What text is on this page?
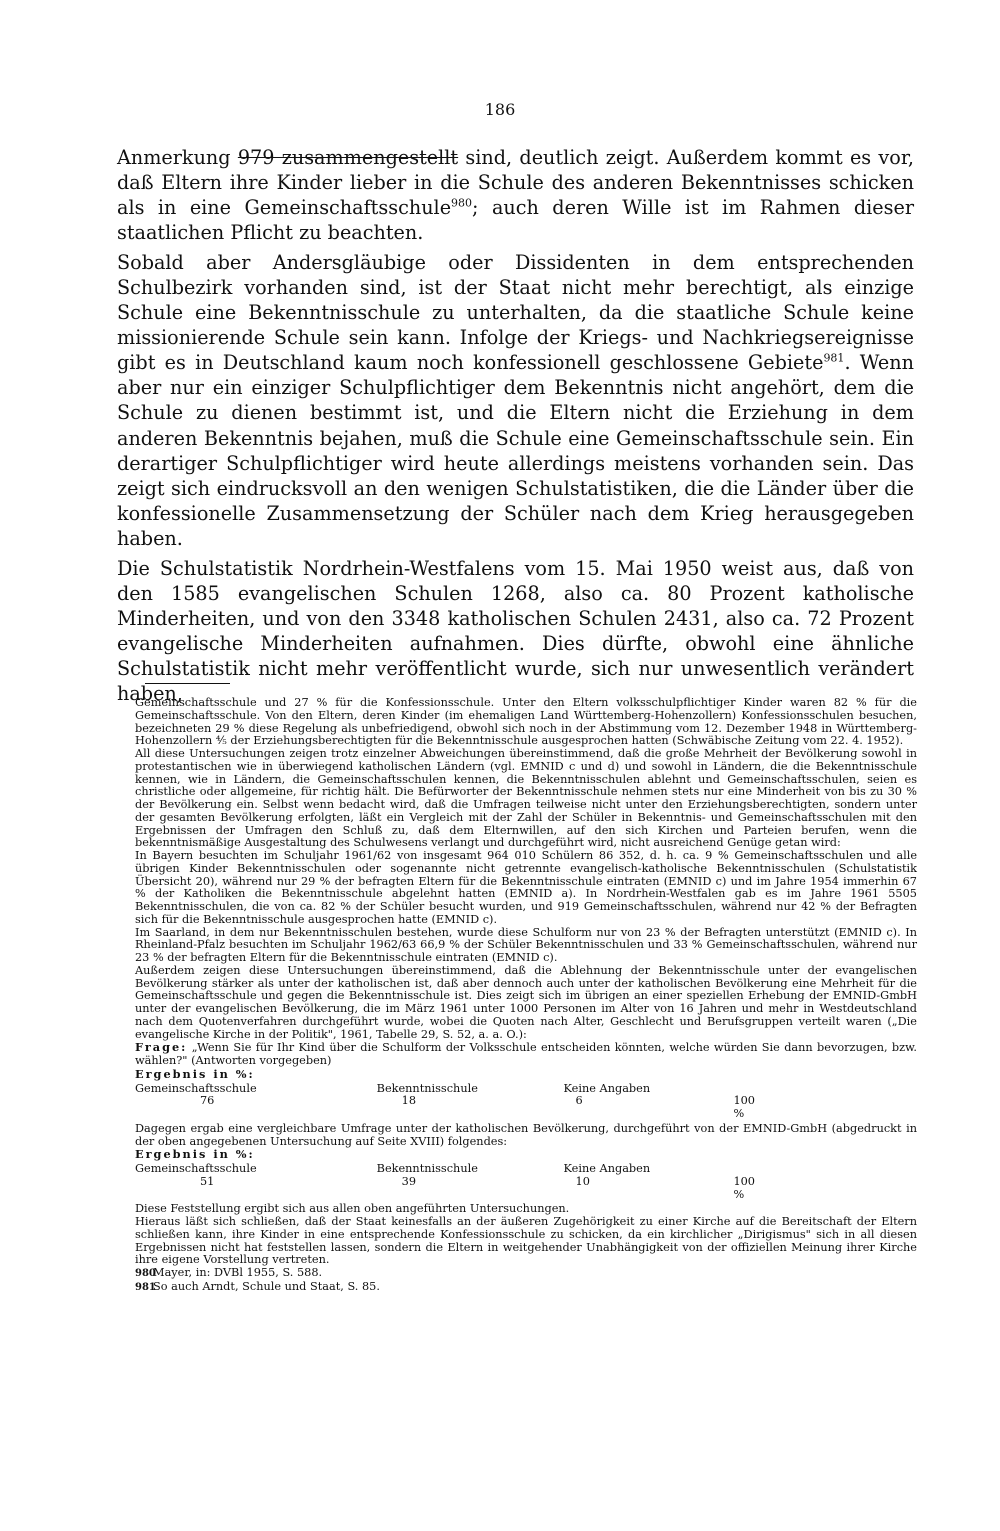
186

Anmerkung 979 zusammengestellt sind, deutlich zeigt. Außerdem kommt es vor, daß Eltern ihre Kinder lieber in die Schule des anderen Bekenntnisses schicken als in eine Gemeinschaftsschule$^{980}$; auch deren Wille ist im Rahmen dieser staatlichen Pflicht zu beachten.

Sobald aber Andersgläubige oder Dissidenten in dem entsprechenden Schulbezirk vorhanden sind, ist der Staat nicht mehr berechtigt, als einzige Schule eine Bekenntnisschule zu unterhalten, da die staatliche Schule keine missionierende Schule sein kann. Infolge der Kriegs- und Nachkriegsereignisse gibt es in Deutschland kaum noch konfessionell geschlossene Gebiete$^{981}$. Wenn aber nur ein einziger Schulpflichtiger dem Bekenntnis nicht angehört, dem die Schule zu dienen bestimmt ist, und die Eltern nicht die Erziehung in dem anderen Bekenntnis bejahen, muß die Schule eine Gemeinschaftsschule sein. Ein derartiger Schulpflichtiger wird heute allerdings meistens vorhanden sein. Das zeigt sich eindrucksvoll an den wenigen Schulstatistiken, die die Länder über die konfessionelle Zusammensetzung der Schüler nach dem Krieg herausgegeben haben.

Die Schulstatistik Nordrhein-Westfalens vom 15. Mai 1950 weist aus, daß von den 1585 evangelischen Schulen 1268, also ca. 80 Prozent katholische Minderheiten, und von den 3348 katholischen Schulen 2431, also ca. 72 Prozent evangelische Minderheiten aufnahmen. Dies dürfte, obwohl eine ähnliche Schulstatistik nicht mehr veröffentlicht wurde, sich nur unwesentlich verändert haben,

Gemeinschaftsschule und 27 % für die Konfessionsschule. Unter den Eltern volksschulpflichtiger Kinder waren 82 % für die Gemeinschaftsschule. Von den Eltern, deren Kinder (im ehemaligen Land Württemberg-Hohenzollern) Konfessionsschulen besuchen, bezeichneten 29 % diese Regelung als unbefriedigend, obwohl sich noch in der Abstimmung vom 12. Dezember 1948 in Württemberg-Hohenzollern ⅘ der Erziehungsberechtigten für die Bekenntnisschule ausgesprochen hatten (Schwäbische Zeitung vom 22. 4. 1952).

All diese Untersuchungen zeigen trotz einzelner Abweichungen übereinstimmend, daß die große Mehrheit der Bevölkerung sowohl in protestantischen wie in überwiegend katholischen Ländern (vgl. EMNID c und d) und sowohl in Ländern, die die Bekenntnisschule kennen, wie in Ländern, die Gemeinschaftsschulen kennen, die Bekenntnisschulen ablehnt und Gemeinschaftsschulen, seien es christliche oder allgemeine, für richtig hält. Die Befürworter der Bekenntnisschule nehmen stets nur eine Minderheit von bis zu 30 % der Bevölkerung ein. Selbst wenn bedacht wird, daß die Umfragen teilweise nicht unter den Erziehungsberechtigten, sondern unter der gesamten Bevölkerung erfolgten, läßt ein Vergleich mit der Zahl der Schüler in Bekenntnis- und Gemeinschaftsschulen mit den Ergebnissen der Umfragen den Schluß zu, daß dem Elternwillen, auf den sich Kirchen und Parteien berufen, wenn die bekenntnismäßige Ausgestaltung des Schulwesens verlangt und durchgeführt wird, nicht ausreichend Genüge getan wird:

In Bayern besuchten im Schuljahr 1961/62 von insgesamt 964 010 Schülern 86 352, d. h. ca. 9 % Gemeinschaftsschulen und alle übrigen Kinder Bekenntnisschulen oder sogenannte nicht getrennte evangelisch-katholische Bekenntnisschulen (Schulstatistik Übersicht 20), während nur 29 % der befragten Eltern für die Bekenntnisschule eintraten (EMNID c) und im Jahre 1954 immerhin 67 % der Katholiken die Bekenntnisschule abgelehnt hatten (EMNID a). In Nordrhein-Westfalen gab es im Jahre 1961 5505 Bekenntnisschulen, die von ca. 82 % der Schüler besucht wurden, und 919 Gemeinschaftsschulen, während nur 42 % der Befragten sich für die Bekenntnisschule ausgesprochen hatte (EMNID c).

Im Saarland, in dem nur Bekenntnisschulen bestehen, wurde diese Schulform nur von 23 % der Befragten unterstützt (EMNID c). In Rheinland-Pfalz besuchten im Schuljahr 1962/63 66,9 % der Schüler Bekenntnisschulen und 33 % Gemeinschaftsschulen, während nur 23 % der befragten Eltern für die Bekenntnisschule eintraten (EMNID c).

Außerdem zeigen diese Untersuchungen übereinstimmend, daß die Ablehnung der Bekenntnisschule unter der evangelischen Bevölkerung stärker als unter der katholischen ist, daß aber dennoch auch unter der katholischen Bevölkerung eine Mehrheit für die Gemeinschaftsschule und gegen die Bekenntnisschule ist. Dies zeigt sich im übrigen an einer speziellen Erhebung der EMNID-GmbH unter der evangelischen Bevölkerung, die im März 1961 unter 1000 Personen im Alter von 16 Jahren und mehr in Westdeutschland nach dem Quotenverfahren durchgeführt wurde, wobei die Quoten nach Alter, Geschlecht und Berufsgruppen verteilt waren („Die evangelische Kirche in der Politik", 1961, Tabelle 29, S. 52, a. a. O.):

Frage: „Wenn Sie für Ihr Kind über die Schulform der Volksschule entscheiden könnten, welche würden Sie dann bevorzugen, bzw. wählen?" (Antworten vorgegeben)

Ergebnis in %:
Gemeinschaftsschule	Bekenntnisschule	Keine Angaben	
76	18	6	100 %

Dagegen ergab eine vergleichbare Umfrage unter der katholischen Bevölkerung, durchgeführt von der EMNID-GmbH (abgedruckt in der oben angegebenen Untersuchung auf Seite XVIII) folgendes:

Ergebnis in %:
Gemeinschaftsschule	Bekenntnisschule	Keine Angaben	
51	39	10	100 %

Diese Feststellung ergibt sich aus allen oben angeführten Untersuchungen.

Hieraus läßt sich schließen, daß der Staat keinesfalls an der äußeren Zugehörigkeit zu einer Kirche auf die Bereitschaft der Eltern schließen kann, ihre Kinder in eine entsprechende Konfessionsschule zu schicken, da ein kirchlicher „Dirigismus" sich in all diesen Ergebnissen nicht hat feststellen lassen, sondern die Eltern in weitgehender Unabhängigkeit von der offiziellen Meinung ihrer Kirche ihre eigene Vorstellung vertreten.

980Mayer, in: DVBl 1955, S. 588.

981So auch Arndt, Schule und Staat, S. 85.
